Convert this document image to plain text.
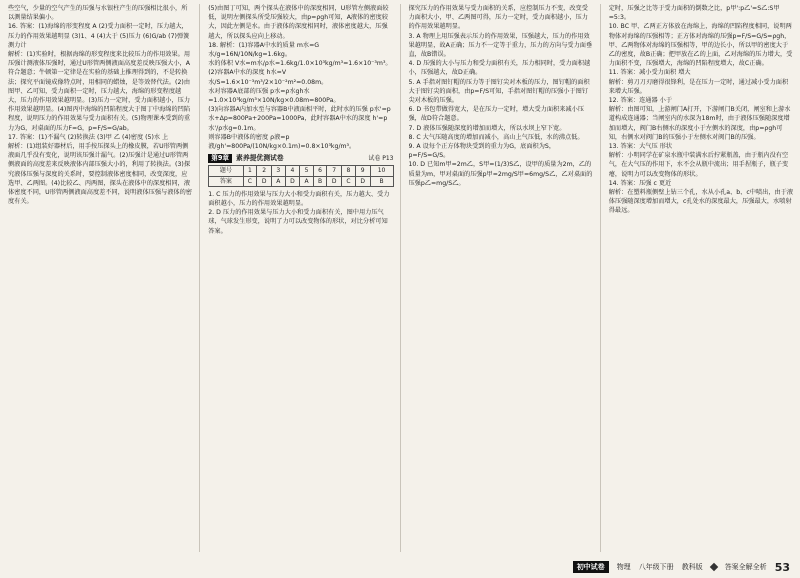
些空气，少量的空气产生的压强与水银柱产生的压强相比很小，所以测量结果偏小。

16. 答案：(1)海绵的形变程度 A (2)受力面积一定时，压力越大，压力的作用效果越明显 (3)1、4 (4)大于 (5)压力 (6)G/ab (7)弹簧测力计

解析：(1)实验时，根据海绵的形变程度来比较压力的作用效果。用压强计测液体压强时，通过U形管两侧液面高度差反映压强大小，A符合题意；牛顿第一定律是在实验的基础上推理得到的，不是转换法；探究平面镜成像特点时，用相同的蜡烛，是等效替代法。(2)由图甲、乙可知，受力面积一定时，压力越大，海绵的形变程度越大，压力的作用效果越明显。(3)压力一定时，受力面积越小，压力作用效果越明显。(4)图丙中海绵的凹陷程度大于图丁中海绵的凹陷程度，说明压力的作用效果与受力面积有关。(5)物理课本受到的重力为G，对桌面的压力F=G，p=F/S=G/ab。

17. 答案：(1)不漏气 (2)转换法 (3)甲 乙 (4)密度 (5)水 上

解析：(1)组装好器材后，用手按压探头上的橡皮膜，若U形管两侧液面几乎没有变化，说明该压强计漏气。(2)压强计是通过U形管两侧液面的高度差来反映液体内部压强大小的，利用了转换法。(3)探究液体压强与深度的关系时，要控制液体密度相同，改变深度，应选甲、乙两图。(4)比较乙、丙两图，探头在液体中的深度相同，液体密度不同，U形管两侧液面高度差不同，说明液体压强与液体的密度有关。

(5)由图丁可知，两个探头在液体中的深度相同，U形管左侧液面较低，说明左侧探头所受压强较大，由p=ρgh可知，A液体的密度较大，因此左侧是水。由于液体的深度相同时，液体密度越大，压强越大，所以探头应向上移动。

18. 解析：(1)容器A中水的质量 m水=G水/g=16N/10N/kg=1.6kg。

水的体积 V水=m水/ρ水=1.6kg/1.0×10³kg/m³=1.6×10⁻³m³。

(2)容器A中水的深度 h水=V水/S=1.6×10⁻³m³/2×10⁻²m²=0.08m。

水对容器A底部的压强 p水=ρ水gh水=1.0×10³kg/m³×10N/kg×0.08m=800Pa。

(3)向容器A内加水至与容器B中液面相平时，此时水的压强 p水'=p水+Δp=800Pa+200Pa=1000Pa，此时容器A中水的深度 h'=p水'/ρ水g=0.1m。

则容器B中液体的密度 ρ液=p液/gh'=800Pa/(10N/kg×0.1m)=0.8×10³kg/m³。

第9章	素养提优测试卷	试卷 P13
题号	1	2	3	4	5	6	7	8	9	10
答案	C	D	A	D	A	B	D	C	D	B

1. C 压力的作用效果与压力大小和受力面积有关，压力越大、受力面积越小，压力的作用效果越明显。

2. D 压力的作用效果与压力大小和受力面积有关，图中用力压气球，气球发生形变，说明了力可以改变物体的形状，对比分析可知答案。

探究压力的作用效果与受力面积的关系，应控制压力不变，改变受力面积大小，甲、乙两图可得，压力一定时，受力面积越小，压力的作用效果越明显。

3. A 物理上用压强表示压力的作用效果，压强越大，压力的作用效果越明显，故A正确；压力不一定等于重力，压力的方向与受力面垂直，故B错误。

4. D 压强的大小与压力和受力面积有关，压力相同时，受力面积越小，压强越大，故D正确。

5. A 手指对图钉帽的压力等于图钉尖对木板的压力，图钉帽的面积大于图钉尖的面积，由p=F/S可知，手指对图钉帽的压强小于图钉尖对木板的压强。

6. D 书包带做得宽大，是在压力一定时，增大受力面积来减小压强，故D符合题意。

7. D 液体压强随深度的增加而增大，所以水坝上窄下宽。

8. C 大气压随高度的增加而减小，高山上气压低，水的沸点低。

9. A 设每个正方体物块受到的重力为G，底面积为S，p=F/S=G/S。

10. D 已知m甲=2m乙，S甲=(1/3)S乙，设甲的质量为2m，乙的质量为m，甲对桌面的压强p甲=2mg/S甲=6mg/S乙，乙对桌面的压强p乙=mg/S乙。

定时，压强之比等于受力面积的倒数之比，p甲':p乙'=S乙:S甲=5:3。

10. BC 甲、乙两正方体放在海绵上，海绵的凹陷程度相同，说明两物体对海绵的压强相等；正方体对海绵的压强p=F/S=G/S=ρgh，甲、乙两物体对海绵的压强相等，甲的边长小，所以甲的密度大于乙的密度，故B正确；把甲放在乙的上面，乙对海绵的压力增大，受力面积不变，压强增大，海绵的凹陷程度增大，故C正确。

11. 答案：减小受力面积 增大

解析：剪刀刀刃磨得很锋利，是在压力一定时，通过减小受力面积来增大压强。

12. 答案：连通器 小于

解析：由图可知，上游闸门A打开，下游闸门B关闭，闸室和上游水道构成连通器；当闸室内的水深为18m时，由于液体压强随深度增加而增大，阀门B右侧水的深度小于左侧水的深度，由p=ρgh可知，右侧水对阀门B的压强小于左侧水对阀门B的压强。

13. 答案：大气压 形状

解析：小明同学在矿泉水瓶中装满水后拧紧瓶盖，由于瓶内没有空气，在大气压的作用下，水不会从瓶中流出；用手捏瓶子，瓶子变瘪，说明力可以改变物体的形状。

14. 答案：压强 c 更近

解析：在塑料瓶侧壁上钻三个孔，水从小孔a、b、c中喷出，由于液体压强随深度增加而增大，c孔处水的深度最大，压强最大，水喷射得最远。

初中试卷	物理 八年级下册 教科版	答案全解全析 53
